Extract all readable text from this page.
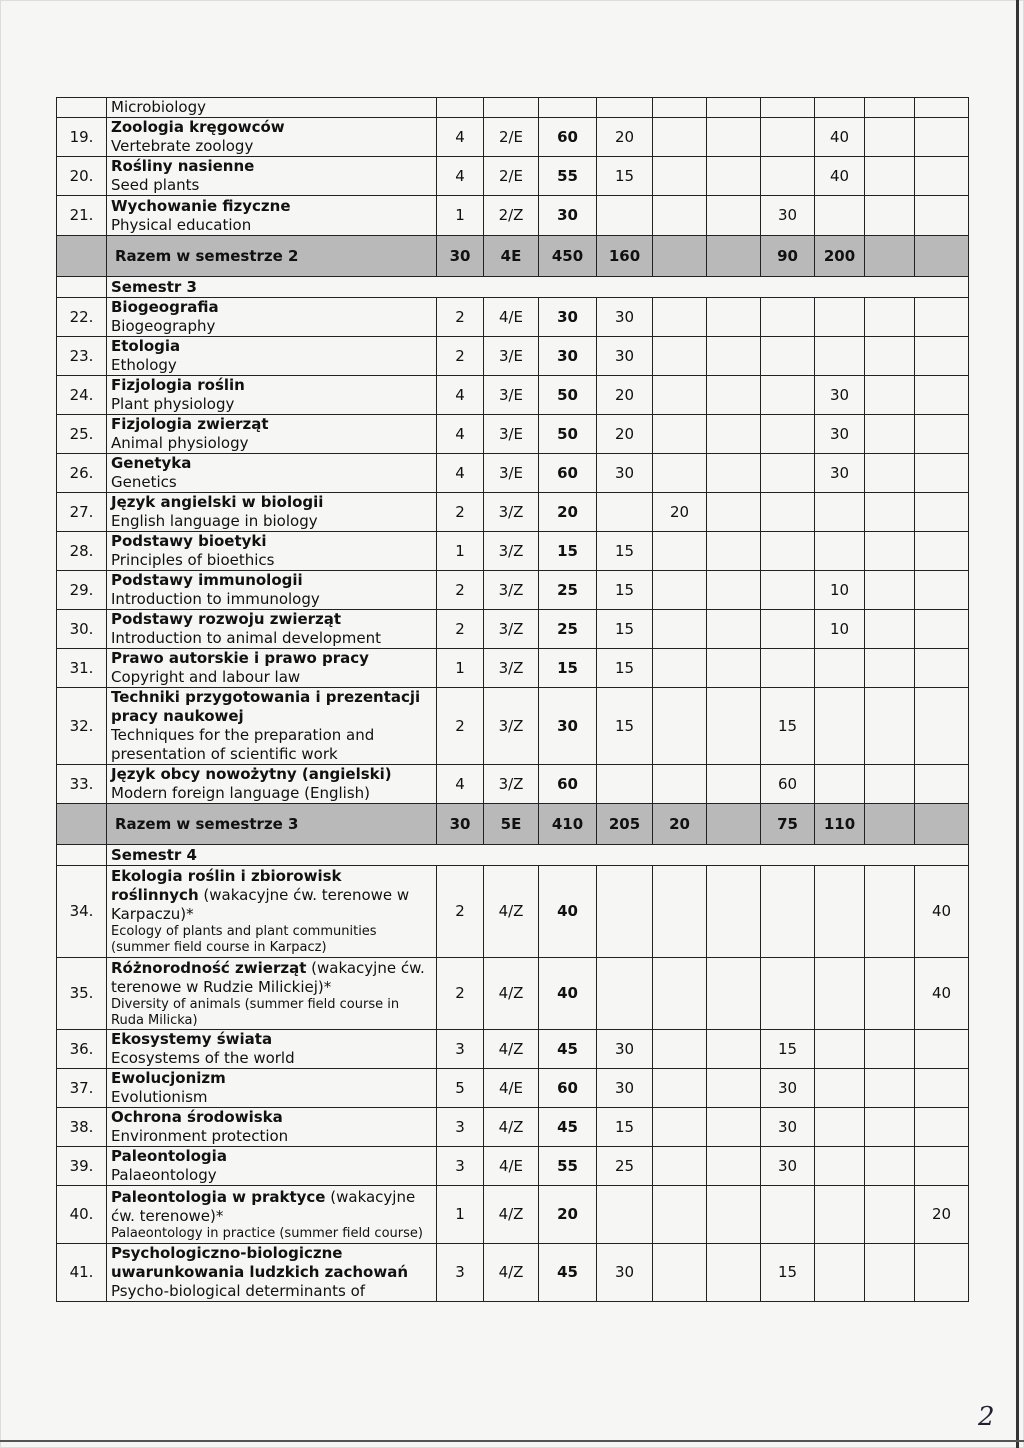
	Microbiology										

19.	Zoologia kręgowców
Vertebrate zoology	4	2/E	60	20				40		
20.	Rośliny nasienne
Seed plants	4	2/E	55	15				40		
21.	Wychowanie fizyczne
Physical education	1	2/Z	30				30			
	Razem w semestrze 2	30	4E	450	160			90	200		
	Semestr 3										
22.	Biogeografia
Biogeography	2	4/E	30	30						
23.	Etologia
Ethology	2	3/E	30	30						
24.	Fizjologia roślin
Plant physiology	4	3/E	50	20				30		
25.	Fizjologia zwierząt
Animal physiology	4	3/E	50	20				30		
26.	Genetyka
Genetics	4	3/E	60	30				30		
27.	Język angielski w biologii
English language in biology	2	3/Z	20		20					
28.	Podstawy bioetyki
Principles of bioethics	1	3/Z	15	15						
29.	Podstawy immunologii
Introduction to immunology	2	3/Z	25	15				10		
30.	Podstawy rozwoju zwierząt
Introduction to animal development	2	3/Z	25	15				10		
31.	Prawo autorskie i prawo pracy
Copyright and labour law	1	3/Z	15	15						
32.	Techniki przygotowania i prezentacji pracy naukowej
Techniques for the preparation and presentation of scientific work	2	3/Z	30	15			15			
33.	Język obcy nowożytny (angielski)
Modern foreign language (English)	4	3/Z	60				60			
	Razem w semestrze 3	30	5E	410	205	20		75	110		
	Semestr 4										
34.	Ekologia roślin i zbiorowisk roślinnych (wakacyjne ćw. terenowe w Karpaczu)*
Ecology of plants and plant communities (summer field course in Karpacz)	2	4/Z	40							40
35.	Różnorodność zwierząt (wakacyjne ćw. terenowe w Rudzie Milickiej)*
Diversity of animals (summer field course in Ruda Milicka)	2	4/Z	40							40
36.	Ekosystemy świata
Ecosystems of the world	3	4/Z	45	30			15			
37.	Ewolucjonizm
Evolutionism	5	4/E	60	30			30			
38.	Ochrona środowiska
Environment protection	3	4/Z	45	15			30			
39.	Paleontologia
Palaeontology	3	4/E	55	25			30			
40.	Paleontologia w praktyce (wakacyjne ćw. terenowe)*
Palaeontology in practice (summer field course)	1	4/Z	20							20
41.	Psychologiczno-biologiczne uwarunkowania ludzkich zachowań
Psycho-biological determinants of	3	4/Z	45	30			15			
2
